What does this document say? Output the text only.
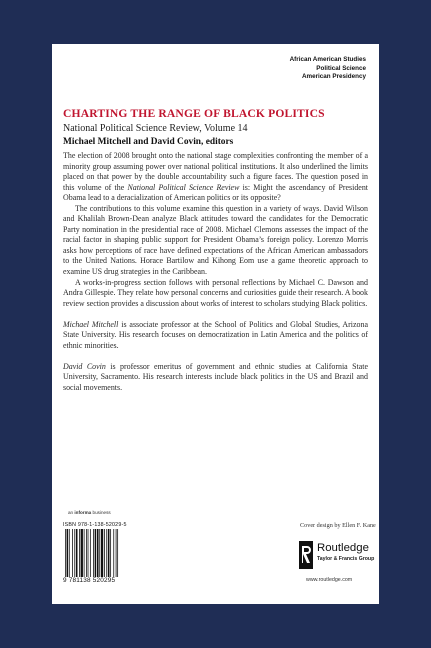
African American Studies
Political Science
American Presidency
CHARTING THE RANGE OF BLACK POLITICS
National Political Science Review, Volume 14
Michael Mitchell and David Covin, editors

The election of 2008 brought onto the national stage complexities confronting the member of a minority group assuming power over national political institutions. It also underlined the limits placed on that power by the double accountability such a figure faces. The question posed in this volume of the National Political Science Review is: Might the ascendancy of President Obama lead to a deracialization of American politics or its opposite?

The contributions to this volume examine this question in a variety of ways. David Wilson and Khalilah Brown-Dean analyze Black attitudes toward the candidates for the Democratic Party nomination in the presidential race of 2008. Michael Clemons assesses the impact of the racial factor in shaping public support for President Obama’s foreign policy. Lorenzo Morris asks how perceptions of race have defined expectations of the African American ambassadors to the United Nations. Horace Bartilow and Kihong Eom use a game theoretic approach to examine US drug strategies in the Caribbean.

A works-in-progress section follows with personal reflections by Michael C. Dawson and Andra Gillespie. They relate how personal concerns and curiosities guide their research. A book review section provides a discussion about works of interest to scholars studying Black politics.

Michael Mitchell is associate professor at the School of Politics and Global Studies, Arizona State University. His research focuses on democratization in Latin America and the politics of ethnic minorities.

David Covin is professor emeritus of government and ethnic studies at California State University, Sacramento. His research interests include black politics in the US and Brazil and social movements.

an informa business
ISBN 978-1-138-52029-5
9 781138 520295
Cover design by Ellen F. Kane
Routledge
Taylor & Francis Group
www.routledge.com
